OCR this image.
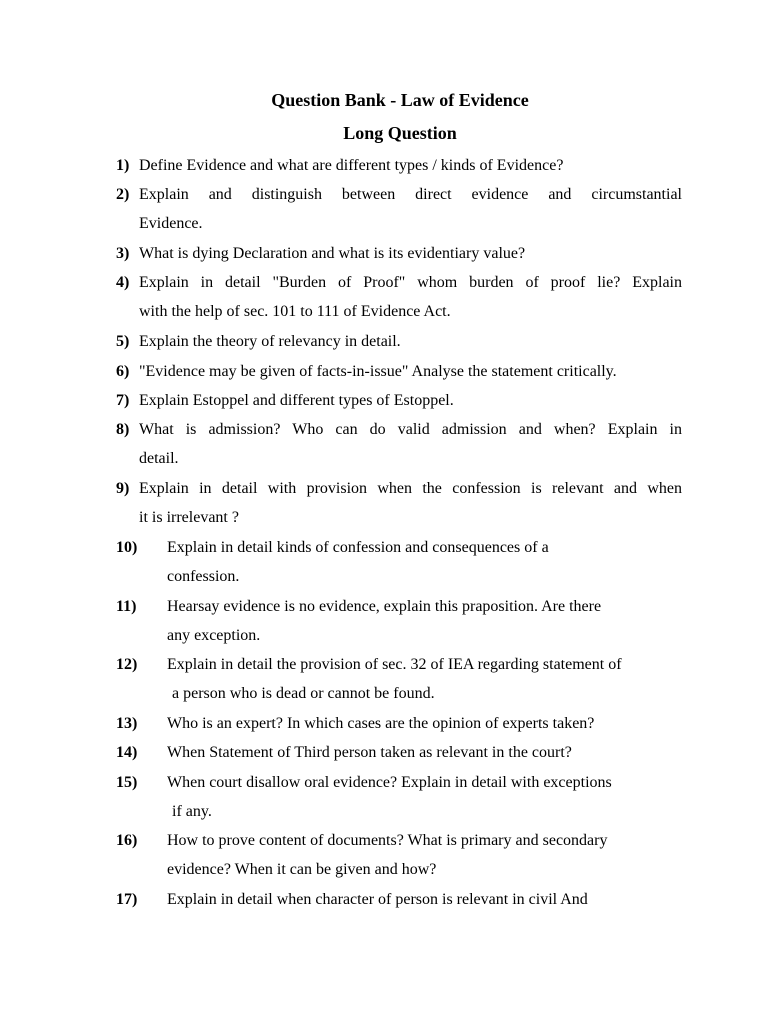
Question Bank - Law of Evidence
Long Question
1) Define Evidence and what are different types / kinds of Evidence?

2) Explain and distinguish between direct evidence and circumstantial
Evidence.

3) What is dying Declaration and what is its evidentiary value?

4) Explain in detail "Burden of Proof" whom burden of proof lie? Explain
with the help of sec. 101 to 111 of Evidence Act.

5) Explain the theory of relevancy in detail.

6) "Evidence may be given of facts-in-issue" Analyse the statement critically.

7) Explain Estoppel and different types of Estoppel.

8) What is admission? Who can do valid admission and when? Explain in
detail.

9) Explain in detail with provision when the confession is relevant and when
it is irrelevant ?

10) Explain in detail kinds of confession and consequences of a
confession.

11) Hearsay evidence is no evidence, explain this praposition. Are there
any exception.

12) Explain in detail the provision of sec. 32 of IEA regarding statement of
a person who is dead or cannot be found.

13) Who is an expert? In which cases are the opinion of experts taken?

14) When Statement of Third person taken as relevant in the court?

15) When court disallow oral evidence? Explain in detail with exceptions
if any.

16) How to prove content of documents? What is primary and secondary
evidence? When it can be given and how?

17) Explain in detail when character of person is relevant in civil And
